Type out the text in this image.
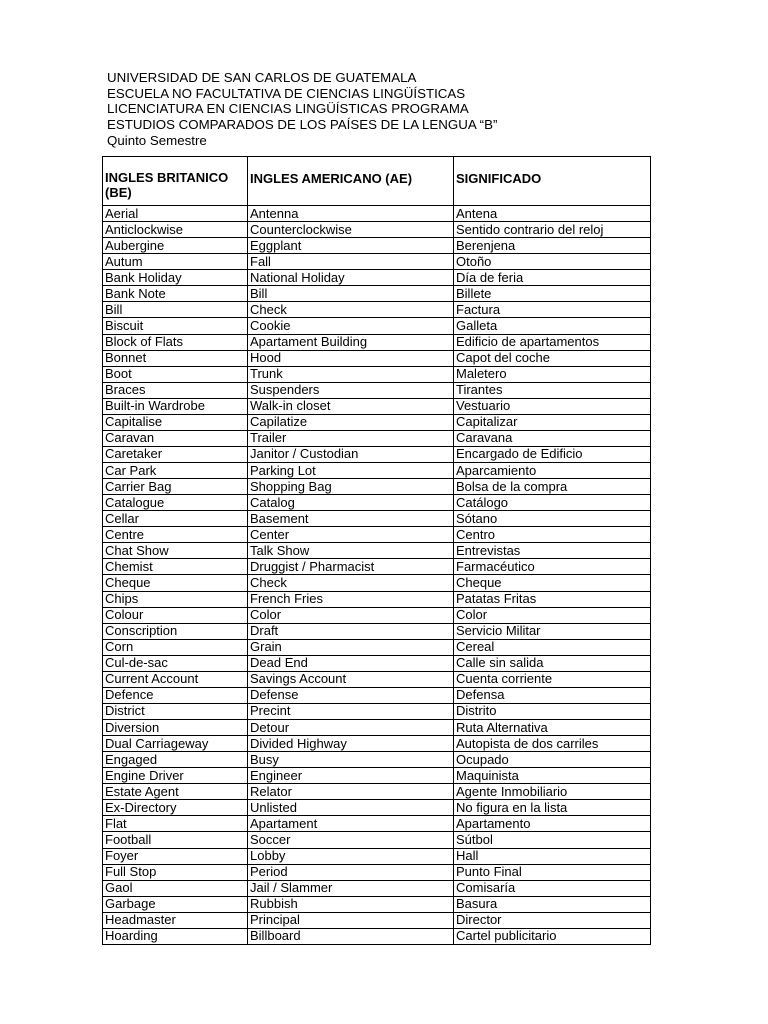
UNIVERSIDAD DE SAN CARLOS DE GUATEMALA
ESCUELA NO FACULTATIVA DE CIENCIAS LINGÜÍSTICAS
LICENCIATURA EN CIENCIAS LINGÜÍSTICAS PROGRAMA
ESTUDIOS COMPARADOS DE LOS PAÍSES DE LA LENGUA “B”
Quinto Semestre
INGLES BRITANICO (BE)	INGLES AMERICANO (AE)	SIGNIFICADO
Aerial	Antenna	Antena
Anticlockwise	Counterclockwise	Sentido contrario del reloj
Aubergine	Eggplant	Berenjena
Autum	Fall	Otoño
Bank Holiday	National Holiday	Día de feria
Bank Note	Bill	Billete
Bill	Check	Factura
Biscuit	Cookie	Galleta
Block of Flats	Apartament Building	Edificio de apartamentos
Bonnet	Hood	Capot del coche
Boot	Trunk	Maletero
Braces	Suspenders	Tirantes
Built-in Wardrobe	Walk-in closet	Vestuario
Capitalise	Capilatize	Capitalizar
Caravan	Trailer	Caravana
Caretaker	Janitor / Custodian	Encargado de Edificio
Car Park	Parking Lot	Aparcamiento
Carrier Bag	Shopping Bag	Bolsa de la compra
Catalogue	Catalog	Catálogo
Cellar	Basement	Sótano
Centre	Center	Centro
Chat Show	Talk Show	Entrevistas
Chemist	Druggist / Pharmacist	Farmacéutico
Cheque	Check	Cheque
Chips	French Fries	Patatas Fritas
Colour	Color	Color
Conscription	Draft	Servicio Militar
Corn	Grain	Cereal
Cul-de-sac	Dead End	Calle sin salida
Current Account	Savings Account	Cuenta corriente
Defence	Defense	Defensa
District	Precint	Distrito
Diversion	Detour	Ruta Alternativa
Dual Carriageway	Divided Highway	Autopista de dos carriles
Engaged	Busy	Ocupado
Engine Driver	Engineer	Maquinista
Estate Agent	Relator	Agente Inmobiliario
Ex-Directory	Unlisted	No figura en la lista
Flat	Apartament	Apartamento
Football	Soccer	Sútbol
Foyer	Lobby	Hall
Full Stop	Period	Punto Final
Gaol	Jail / Slammer	Comisaría
Garbage	Rubbish	Basura
Headmaster	Principal	Director
Hoarding	Billboard	Cartel publicitario
